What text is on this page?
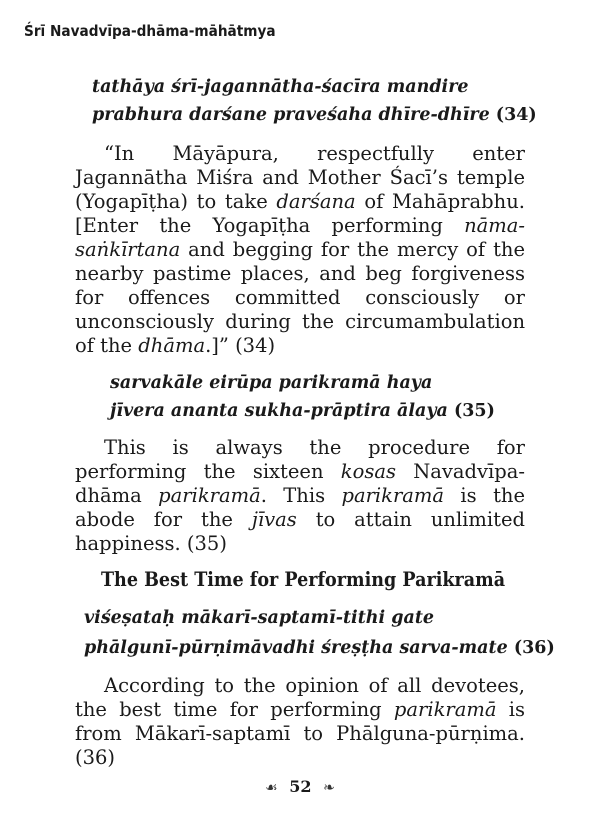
Śrī Navadvīpa-dhāma-māhātmya
tathāya śrī-jagannātha-śacīra mandire
prabhura darśane praveśaha dhīre-dhīre (34)

“In Māyāpura, respectfully enter Jagannātha Miśra and Mother Śacī’s temple (Yogapīṭha) to take darśana of Mahāprabhu. [Enter the Yogapīṭha performing nāma-saṅkīrtana and begging for the mercy of the nearby pastime places, and beg forgiveness for offences committed consciously or unconsciously during the circumambulation of the dhāma.]” (34)

sarvakāle eirūpa parikramā haya
jīvera ananta sukha-prāptira ālaya (35)

This is always the procedure for performing the sixteen kosas Navadvīpa-dhāma parikramā. This parikramā is the abode for the jīvas to attain unlimited happiness. (35)

The Best Time for Performing Parikramā
viśeṣataḥ mākarī-saptamī-tithi gate
phālgunī-pūrṇimāvadhi śreṣṭha sarva-mate (36)

According to the opinion of all devotees, the best time for performing parikramā is from Mākarī-saptamī to Phālguna-pūrṇima. (36)

☙ 52 ❧
